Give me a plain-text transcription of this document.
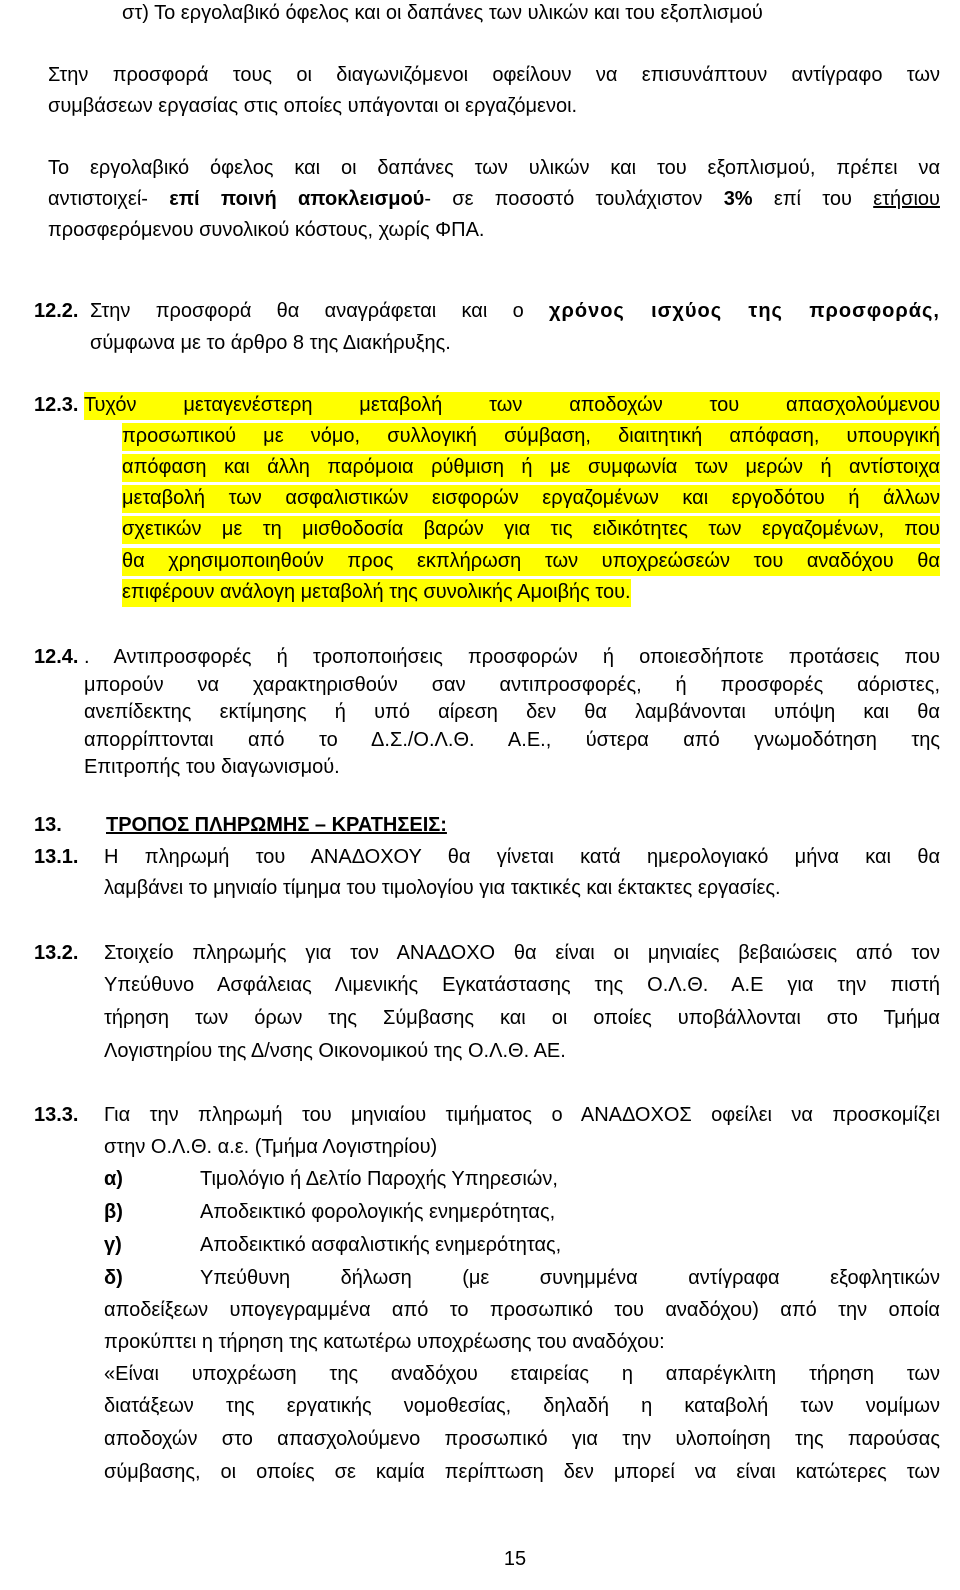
στ) Το εργολαβικό όφελος και οι δαπάνες των υλικών και του εξοπλισμού
Στην προσφορά τους οι διαγωνιζόμενοι οφείλουν να επισυνάπτουν αντίγραφο των
συμβάσεων εργασίας στις οποίες υπάγονται οι εργαζόμενοι.
Το εργολαβικό όφελος και οι δαπάνες των υλικών και του εξοπλισμού, πρέπει να
αντιστοιχεί- επί ποινή αποκλεισμού- σε ποσοστό τουλάχιστον 3% επί του ετήσιου
προσφερόμενου συνολικού κόστους, χωρίς ΦΠΑ.
12.2. Στην προσφορά θα αναγράφεται και ο χρόνος ισχύος της προσφοράς,
σύμφωνα με το άρθρο 8 της Διακήρυξης.
12.3. Τυχόν μεταγενέστερη μεταβολή των αποδοχών του απασχολούμενου
προσωπικού με νόμο, συλλογική σύμβαση, διαιτητική απόφαση, υπουργική
απόφαση και άλλη παρόμοια ρύθμιση ή με συμφωνία των μερών ή αντίστοιχα
μεταβολή των ασφαλιστικών εισφορών εργαζομένων και εργοδότου ή άλλων
σχετικών με τη μισθοδοσία βαρών για τις ειδικότητες των εργαζομένων, που
θα χρησιμοποιηθούν προς εκπλήρωση των υποχρεώσεών του αναδόχου θα
επιφέρουν ανάλογη μεταβολή της συνολικής Αμοιβής του.
12.4. . Αντιπροσφορές ή τροποποιήσεις προσφορών ή οποιεσδήποτε προτάσεις που
μπορούν να χαρακτηρισθούν σαν αντιπροσφορές, ή προσφορές αόριστες,
ανεπίδεκτης εκτίμησης ή υπό αίρεση δεν θα λαμβάνονται υπόψη και θα
απορρίπτονται από το Δ.Σ./Ο.Λ.Θ. Α.Ε., ύστερα από γνωμοδότηση της
Επιτροπής του διαγωνισμού.
13. ΤΡΟΠΟΣ ΠΛΗΡΩΜΗΣ – ΚΡΑΤΗΣΕΙΣ:
13.1. Η πληρωμή του ΑΝΑΔΟΧΟΥ θα γίνεται κατά ημερολογιακό μήνα και θα
λαμβάνει το μηνιαίο τίμημα του τιμολογίου για τακτικές και έκτακτες εργασίες.
13.2. Στοιχείο πληρωμής για τον ΑΝΑΔΟΧΟ θα είναι οι μηνιαίες βεβαιώσεις από τον
Υπεύθυνο Ασφάλειας Λιμενικής Εγκατάστασης της Ο.Λ.Θ. Α.Ε για την πιστή
τήρηση των όρων της Σύμβασης και οι οποίες υποβάλλονται στο Τμήμα
Λογιστηρίου της Δ/νσης Οικονομικού της Ο.Λ.Θ. ΑΕ.
13.3. Για την πληρωμή του μηνιαίου τιμήματος ο ΑΝΑΔΟΧΟΣ οφείλει να προσκομίζει
στην Ο.Λ.Θ. α.ε. (Τμήμα Λογιστηρίου)
α)	Τιμολόγιο ή Δελτίο Παροχής Υπηρεσιών,
β)	Αποδεικτικό φορολογικής ενημερότητας,
γ)	Αποδεικτικό ασφαλιστικής ενημερότητας,
δ)	Υπεύθυνη δήλωση (με συνημμένα αντίγραφα εξοφλητικών
αποδείξεων υπογεγραμμένα από το προσωπικό του αναδόχου) από την οποία
προκύπτει η τήρηση της κατωτέρω υποχρέωσης του αναδόχου:
«Είναι υποχρέωση της αναδόχου εταιρείας η απαρέγκλιτη τήρηση των
διατάξεων της εργατικής νομοθεσίας, δηλαδή η καταβολή των νομίμων
αποδοχών στο απασχολούμενο προσωπικό για την υλοποίηση της παρούσας
σύμβασης, οι οποίες σε καμία περίπτωση δεν μπορεί να είναι κατώτερες των
15
